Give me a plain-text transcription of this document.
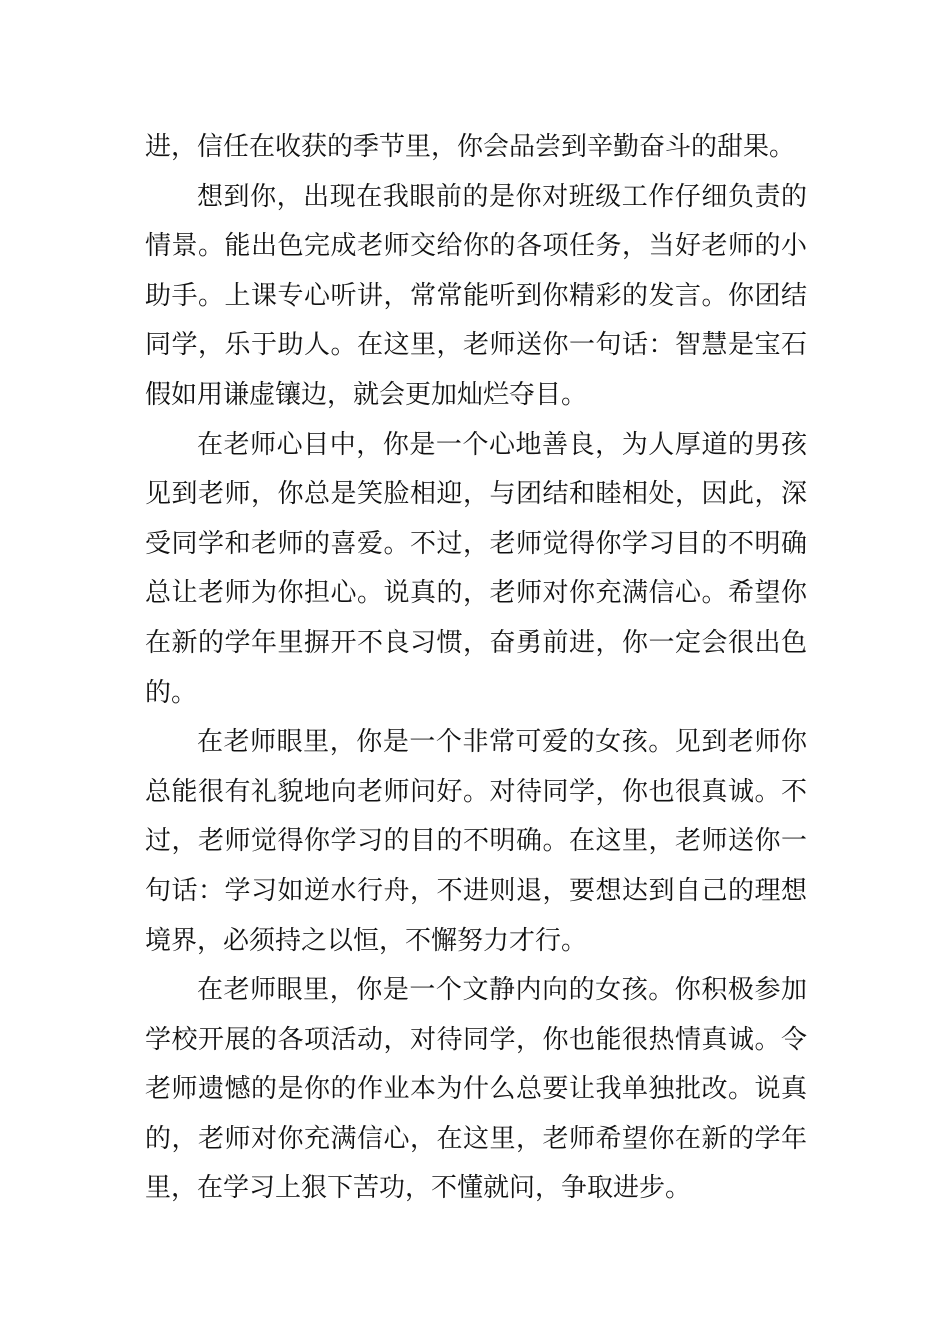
进，信任在收获的季节里，你会品尝到辛勤奋斗的甜果。

想到你，出现在我眼前的是你对班级工作仔细负责的情景。能出色完成老师交给你的各项任务，当好老师的小助手。上课专心听讲，常常能听到你精彩的发言。你团结同学，乐于助人。在这里，老师送你一句话：智慧是宝石假如用谦虚镶边，就会更加灿烂夺目。

在老师心目中，你是一个心地善良，为人厚道的男孩见到老师，你总是笑脸相迎，与团结和睦相处，因此，深受同学和老师的喜爱。不过，老师觉得你学习目的不明确总让老师为你担心。说真的，老师对你充满信心。希望你在新的学年里摒开不良习惯，奋勇前进，你一定会很出色的。

在老师眼里，你是一个非常可爱的女孩。见到老师你总能很有礼貌地向老师问好。对待同学，你也很真诚。不过，老师觉得你学习的目的不明确。在这里，老师送你一句话：学习如逆水行舟，不进则退，要想达到自己的理想境界，必须持之以恒，不懈努力才行。

在老师眼里，你是一个文静内向的女孩。你积极参加学校开展的各项活动，对待同学，你也能很热情真诚。令老师遗憾的是你的作业本为什么总要让我单独批改。说真的，老师对你充满信心，在这里，老师希望你在新的学年里，在学习上狠下苦功，不懂就问，争取进步。
